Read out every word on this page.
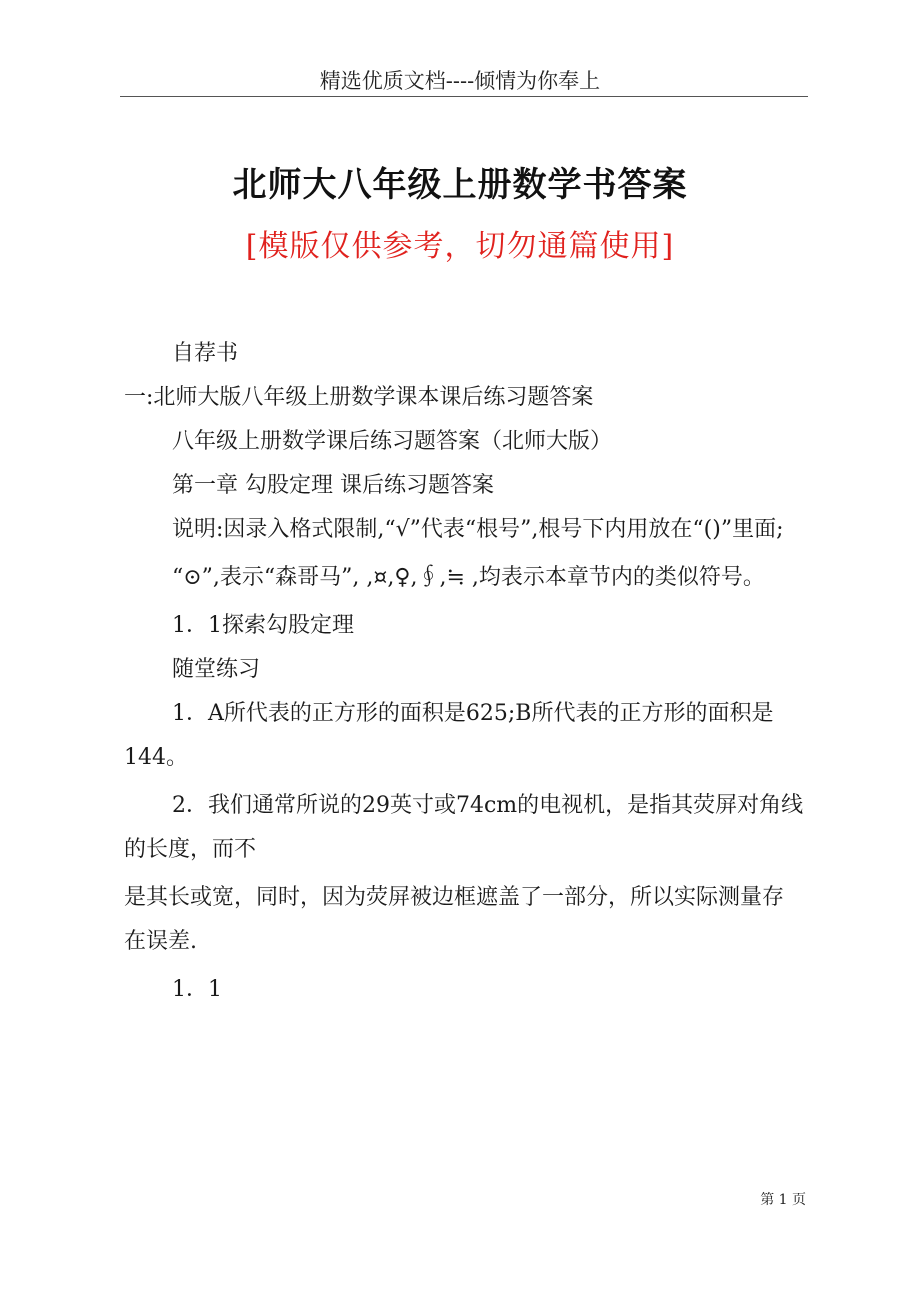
精选优质文档----倾情为你奉上
北师大八年级上册数学书答案
[模版仅供参考，切勿通篇使用]

自荐书

一:北师大版八年级上册数学课本课后练习题答案

八年级上册数学课后练习题答案（北师大版）

第一章 勾股定理 课后练习题答案

说明:因录入格式限制,“√”代表“根号”,根号下内用放在“()”里面;

“⊙”,表示“森哥马”, ,¤,♀,∮,≒ ,均表示本章节内的类似符号。

1．1探索勾股定理

随堂练习

1．A所代表的正方形的面积是625;B所代表的正方形的面积是144。

2．我们通常所说的29英寸或74cm的电视机，是指其荧屏对角线的长度，而不

是其长或宽，同时，因为荧屏被边框遮盖了一部分，所以实际测量存在误差.

1．1

第 1 页
